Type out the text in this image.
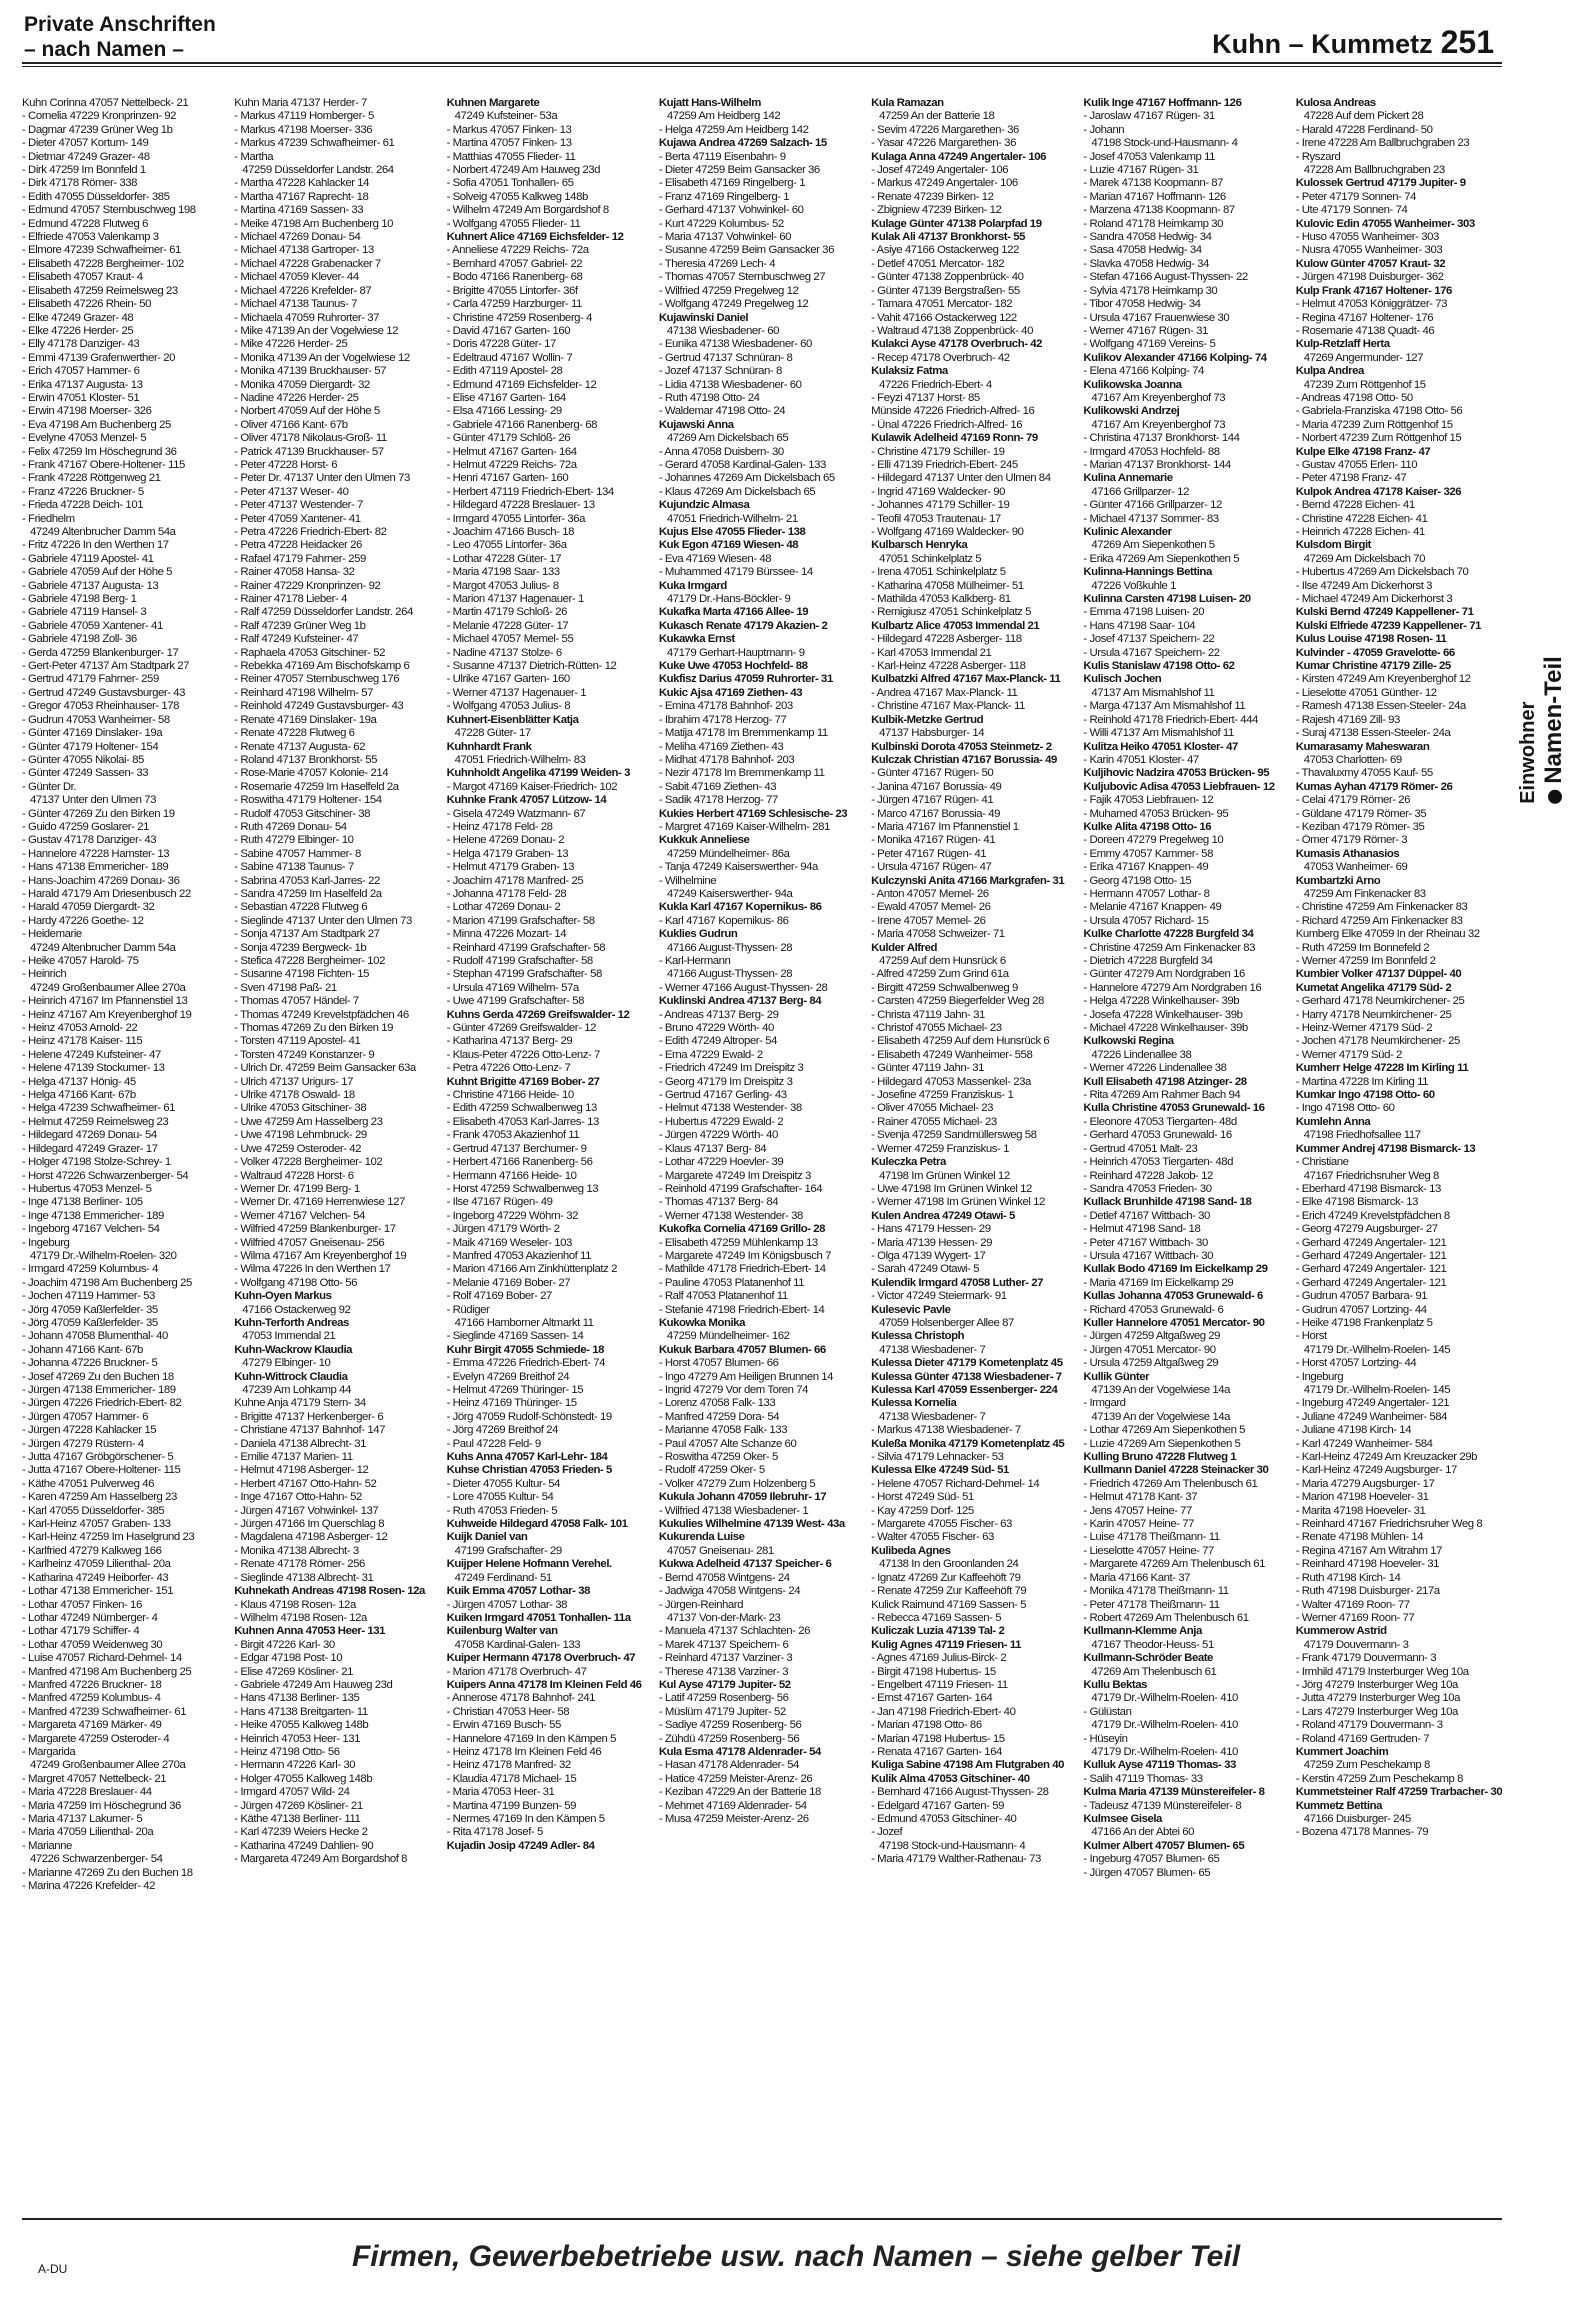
Private Anschriften
– nach Namen –	Kuhn – Kummetz 251
Kuhn Corinna 47057 Nettelbeck- 21
- Cornelia 47229 Kronprinzen- 92
- Dagmar 47239 Grüner Weg 1b
- Dieter 47057 Kortum- 149
- Dietmar 47249 Grazer- 48
- Dirk 47259 Im Bonnfeld 1
- Dirk 47178 Römer- 338
- Edith 47055 Düsseldorfer- 385
- Edmund 47057 Sternbuschweg 198
- Edmund 47228 Flutweg 6
- Elfriede 47053 Valenkamp 3
- Elmore 47239 Schwafheimer- 61
- Elisabeth 47228 Bergheimer- 102
- Elisabeth 47057 Kraut- 4
- Elisabeth 47259 Reimelsweg 23
- Elisabeth 47226 Rhein- 50
- Elke 47249 Grazer- 48
- Elke 47226 Herder- 25
- Elly 47178 Danziger- 43
- Emmi 47139 Grafenwerther- 20
- Erich 47057 Hammer- 6
- Erika 47137 Augusta- 13
- Erwin 47051 Kloster- 51
- Erwin 47198 Moerser- 326
- Eva 47198 Am Buchenberg 25
- Evelyne 47053 Menzel- 5
- Felix 47259 Im Höschegrund 36
- Frank 47167 Obere-Holtener- 115
- Frank 47228 Röttgenweg 21
- Franz 47226 Bruckner- 5
- Frieda 47228 Deich- 101
- Friedhelm
47249 Altenbrucher Damm 54a
- Fritz 47226 In den Werthen 17
- Gabriele 47119 Apostel- 41
- Gabriele 47059 Auf der Höhe 5
- Gabriele 47137 Augusta- 13
- Gabriele 47198 Berg- 1
- Gabriele 47119 Hansel- 3
- Gabriele 47059 Xantener- 41
- Gabriele 47198 Zoll- 36
- Gerda 47259 Blankenburger- 17
- Gert-Peter 47137 Am Stadtpark 27
- Gertrud 47179 Fahrner- 259
- Gertrud 47249 Gustavsburger- 43
- Gregor 47053 Rheinhauser- 178
- Gudrun 47053 Wanheimer- 58
- Günter 47169 Dinslaker- 19a
- Günter 47179 Holtener- 154
- Günter 47055 Nikolai- 85
- Günter 47249 Sassen- 33
- Günter Dr.
47137 Unter den Ulmen 73
- Günter 47269 Zu den Birken 19
- Guido 47259 Goslarer- 21
- Gustav 47178 Danziger- 43
- Hannelore 47228 Hamster- 13
- Hans 47138 Emmericher- 189
- Hans-Joachim 47269 Donau- 36
- Harald 47179 Am Driesenbusch 22
- Harald 47059 Diergardt- 32
- Hardy 47226 Goethe- 12
- Heidemarie
47249 Altenbrucher Damm 54a
- Heike 47057 Harold- 75
- Heinrich
47249 Großenbaumer Allee 270a
- Heinrich 47167 Im Pfannenstiel 13
- Heinz 47167 Am Kreyenberghof 19
- Heinz 47053 Arnold- 22
- Heinz 47178 Kaiser- 115
- Helene 47249 Kufsteiner- 47
- Helene 47139 Stockumer- 13
- Helga 47137 Hönig- 45
- Helga 47166 Kant- 67b
- Helga 47239 Schwafheimer- 61
- Helmut 47259 Reimelsweg 23
- Hildegard 47269 Donau- 54
- Hildegard 47249 Grazer- 17
- Holger 47198 Stolze-Schrey- 1
- Horst 47226 Schwarzenberger- 54
- Hubertus 47053 Menzel- 5
- Inge 47138 Berliner- 105
- Inge 47138 Emmericher- 189
- Ingeborg 47167 Velchen- 54
- Ingeburg
47179 Dr.-Wilhelm-Roelen- 320
- Irmgard 47259 Kolumbus- 4
- Joachim 47198 Am Buchenberg 25
- Jochen 47119 Hammer- 53
- Jörg 47059 Kaßlerfelder- 35
- Jörg 47059 Kaßlerfelder- 35
- Johann 47058 Blumenthal- 40
- Johann 47166 Kant- 67b
- Johanna 47226 Bruckner- 5
- Josef 47269 Zu den Buchen 18
- Jürgen 47138 Emmericher- 189
- Jürgen 47226 Friedrich-Ebert- 82
- Jürgen 47057 Hammer- 6
- Jürgen 47228 Kahlacker 15
- Jürgen 47279 Rüstern- 4
- Jutta 47167 Gröbgörschener- 5
- Jutta 47167 Obere-Holtener- 115
- Käthe 47051 Pulverweg 46
- Karen 47259 Am Hasselberg 23
- Karl 47055 Düsseldorfer- 385
- Karl-Heinz 47057 Graben- 133
- Karl-Heinz 47259 Im Haselgrund 23
- Karlfried 47279 Kalkweg 166
- Karlheinz 47059 Lilienthal- 20a
- Katharina 47249 Heiborfer- 43
- Lothar 47138 Emmericher- 151
- Lothar 47057 Finken- 16
- Lothar 47249 Nürnberger- 4
- Lothar 47179 Schiffer- 4
- Lothar 47059 Weidenweg 30
- Luise 47057 Richard-Dehmel- 14
- Manfred 47198 Am Buchenberg 25
- Manfred 47226 Bruckner- 18
- Manfred 47259 Kolumbus- 4
- Manfred 47239 Schwafheimer- 61
- Margareta 47169 Märker- 49
- Margarete 47259 Osteroder- 4
- Margarida
47249 Großenbaumer Allee 270a
- Margret 47057 Nettelbeck- 21
- Maria 47228 Breslauer- 44
- Maria 47259 Im Höschegrund 36
- Maria 47137 Lakumer- 5
- Maria 47059 Lilienthal- 20a
- Marianne
47226 Schwarzenberger- 54
- Marianne 47269 Zu den Buchen 18
- Marina 47226 Krefelder- 42
Kuhn Maria 47137 Herder- 7
- Markus 47119 Homberger- 5
- Markus 47198 Moerser- 336
- Markus 47239 Schwafheimer- 61
- Martha
47259 Düsseldorfer Landstr. 264
- Martha 47228 Kahlacker 14
- Martha 47167 Raprecht- 18
- Martina 47169 Sassen- 33
- Meike 47198 Am Buchenberg 10
- Michael 47269 Donau- 54
- Michael 47138 Gartroper- 13
- Michael 47228 Grabenacker 7
- Michael 47059 Klever- 44
- Michael 47226 Krefelder- 87
- Michael 47138 Taunus- 7
- Michaela 47059 Ruhrorter- 37
- Mike 47139 An der Vogelwiese 12
- Mike 47226 Herder- 25
- Monika 47139 An der Vogelwiese 12
- Monika 47139 Bruckhauser- 57
- Monika 47059 Diergardt- 32
- Nadine 47226 Herder- 25
- Norbert 47059 Auf der Höhe 5
- Oliver 47166 Kant- 67b
- Oliver 47178 Nikolaus-Groß- 11
- Patrick 47139 Bruckhauser- 57
- Peter 47228 Horst- 6
- Peter Dr. 47137 Unter den Ulmen 73
- Peter 47137 Weser- 40
- Peter 47137 Westender- 7
- Peter 47059 Xantener- 41
- Petra 47226 Friedrich-Ebert- 82
- Petra 47228 Heidacker 26
- Rafael 47179 Fahrner- 259
- Rainer 47058 Hansa- 32
- Rainer 47229 Kronprinzen- 92
- Rainer 47178 Lieber- 4
- Ralf 47259 Düsseldorfer Landstr. 264
- Ralf 47239 Grüner Weg 1b
- Ralf 47249 Kufsteiner- 47
- Raphaela 47053 Gitschiner- 52
- Rebekka 47169 Am Bischofskamp 6
- Reiner 47057 Sternbuschweg 176
- Reinhard 47198 Wilhelm- 57
- Reinhold 47249 Gustavsburger- 43
- Renate 47169 Dinslaker- 19a
- Renate 47228 Flutweg 6
- Renate 47137 Augusta- 62
- Roland 47137 Bronkhorst- 55
- Rose-Marie 47057 Kolonie- 214
- Rosemarie 47259 Im Haselfeld 2a
- Roswitha 47179 Holtener- 154
- Rudolf 47053 Gitschiner- 38
- Ruth 47269 Donau- 54
- Ruth 47279 Elbinger- 10
- Sabine 47057 Hammer- 8
- Sabine 47138 Taunus- 7
- Sabrina 47053 Karl-Jarres- 22
- Sandra 47259 Im Haselfeld 2a
- Sebastian 47228 Flutweg 6
- Sieglinde 47137 Unter den Ulmen 73
- Sonja 47137 Am Stadtpark 27
- Sonja 47239 Bergweck- 1b
- Stefica 47228 Bergheimer- 102
- Susanne 47198 Fichten- 15
- Sven 47198 Paß- 21
- Thomas 47057 Händel- 7
- Thomas 47249 Krevelstpfädchen 46
- Thomas 47269 Zu den Birken 19
- Torsten 47119 Apostel- 41
- Torsten 47249 Konstanzer- 9
- Ulrich Dr. 47259 Beim Gansacker 63a
- Ulrich 47137 Urigurs- 17
- Ulrike 47178 Oswald- 18
- Ulrike 47053 Gitschiner- 38
- Uwe 47259 Am Hasselberg 23
- Uwe 47198 Lehmbruck- 29
- Uwe 47259 Osteroder- 42
- Volker 47228 Bergheimer- 102
- Waltraud 47228 Horst- 6
- Werner Dr. 47199 Berg- 1
- Werner Dr. 47169 Herrenwiese 127
- Werner 47167 Velchen- 54
- Wilfried 47259 Blankenburger- 17
- Wilfried 47057 Gneisenau- 256
- Wilma 47167 Am Kreyenberghof 19
- Wilma 47226 In den Werthen 17
- Wolfgang 47198 Otto- 56
Kuhn-Oyen Markus
47166 Ostackerweg 92
Kuhn-Terforth Andreas
47053 Immendal 21
Kuhn-Wackrow Klaudia
47279 Elbinger- 10
Kuhn-Wittrock Claudia
47239 Am Lohkamp 44
Kuhne Anja 47179 Stern- 34
- Brigitte 47137 Herkenberger- 6
- Christiane 47137 Bahnhof- 147
- Daniela 47138 Albrecht- 31
- Emilie 47137 Marien- 11
- Helmut 47198 Asberger- 12
- Herbert 47167 Otto-Hahn- 52
- Inge 47167 Otto-Hahn- 52
- Jürgen 47167 Vohwinkel- 137
- Jürgen 47166 Im Querschlag 8
- Magdalena 47198 Asberger- 12
- Monika 47138 Albrecht- 3
- Renate 47178 Römer- 256
- Sieglinde 47138 Albrecht- 31
Kuhnekath Andreas 47198 Rosen- 12a
- Klaus 47198 Rosen- 12a
- Wilhelm 47198 Rosen- 12a
Kuhnen Anna 47053 Heer- 131
- Birgit 47226 Karl- 30
- Edgar 47198 Post- 10
- Elise 47269 Kösliner- 21
- Gabriele 47249 Am Hauweg 23d
- Hans 47138 Berliner- 135
- Hans 47138 Breitgarten- 11
- Heike 47055 Kalkweg 148b
- Heinrich 47053 Heer- 131
- Heinz 47198 Otto- 56
- Hermann 47226 Karl- 30
- Holger 47055 Kalkweg 148b
- Irmgard 47057 Wild- 24
- Jürgen 47269 Kösliner- 21
- Käthe 47138 Berliner- 111
- Karl 47239 Weiers Hecke 2
- Katharina 47249 Dahlien- 90
- Margareta 47249 Am Borgardshof 8
Kuhnen Margarete
47249 Kufsteiner- 53a
- Markus 47057 Finken- 13
- Martina 47057 Finken- 13
- Matthias 47055 Flieder- 11
- Norbert 47249 Am Hauweg 23d
- Sofia 47051 Tonhallen- 65
- Solveig 47055 Kalkweg 148b
- Wilhelm 47249 Am Borgardshof 8
- Wolfgang 47055 Flieder- 11
Kuhnert Alice 47169 Eichsfelder- 12
- Anneliese 47229 Reichs- 72a
- Bernhard 47057 Gabriel- 22
- Bodo 47166 Ranenberg- 68
- Brigitte 47055 Lintorfer- 36f
- Carla 47259 Harzburger- 11
- Christine 47259 Rosenberg- 4
- David 47167 Garten- 160
- Doris 47228 Güter- 17
- Edeltraud 47167 Wollin- 7
- Edith 47119 Apostel- 28
- Edmund 47169 Eichsfelder- 12
- Elise 47167 Garten- 164
- Elsa 47166 Lessing- 29
- Gabriele 47166 Ranenberg- 68
- Günter 47179 Schlöß- 26
- Helmut 47167 Garten- 164
- Helmut 47229 Reichs- 72a
- Henri 47167 Garten- 160
- Herbert 47119 Friedrich-Ebert- 134
- Hildegard 47228 Breslauer- 13
- Irmgard 47055 Lintorfer- 36a
- Joachim 47166 Busch- 18
- Leo 47055 Lintorfer- 36a
- Lothar 47228 Güter- 17
- Maria 47198 Saar- 133
- Margot 47053 Julius- 8
- Marion 47137 Hagenauer- 1
- Martin 47179 Schloß- 26
- Melanie 47228 Güter- 17
- Michael 47057 Memel- 55
- Nadine 47137 Stolze- 6
- Susanne 47137 Dietrich-Rütten- 12
- Ulrike 47167 Garten- 160
- Werner 47137 Hagenauer- 1
- Wolfgang 47053 Julius- 8
Kuhnert-Eisenblätter Katja
47228 Güter- 17
Kuhnhardt Frank
47051 Friedrich-Wilhelm- 83
Kuhnholdt Angelika 47199 Weiden- 3
- Margot 47169 Kaiser-Friedrich- 102
Kuhnke Frank 47057 Lützow- 14
- Gisela 47249 Watzmann- 67
- Heinz 47178 Feld- 28
- Helene 47269 Donau- 2
- Helga 47179 Graben- 13
- Helmut 47179 Graben- 13
- Joachim 47178 Manfred- 25
- Johanna 47178 Feld- 28
- Lothar 47269 Donau- 2
- Marion 47199 Grafschafter- 58
- Minna 47226 Mozart- 14
- Reinhard 47199 Grafschafter- 58
- Rudolf 47199 Grafschafter- 58
- Stephan 47199 Grafschafter- 58
- Ursula 47169 Wilhelm- 57a
- Uwe 47199 Grafschafter- 58
Kuhns Gerda 47269 Greifswalder- 12
- Günter 47269 Greifswalder- 12
- Katharina 47137 Berg- 29
- Klaus-Peter 47226 Otto-Lenz- 7
- Petra 47226 Otto-Lenz- 7
Kuhnt Brigitte 47169 Bober- 27
- Christine 47166 Heide- 10
- Edith 47259 Schwalbenweg 13
- Elisabeth 47053 Karl-Jarres- 13
- Frank 47053 Akazienhof 11
- Gertrud 47137 Berchumer- 9
- Herbert 47166 Ranenberg- 56
- Hermann 47166 Heide- 10
- Horst 47259 Schwalbenweg 13
- Ilse 47167 Rügen- 49
- Ingeborg 47229 Wöhrn- 32
- Jürgen 47179 Wörth- 2
- Maik 47169 Weseler- 103
- Manfred 47053 Akazienhof 11
- Marion 47166 Am Zinkhüttenplatz 2
- Melanie 47169 Bober- 27
- Rolf 47169 Bober- 27
- Rüdiger
47166 Hamborner Altmarkt 11
- Sieglinde 47169 Sassen- 14
Kuhr Birgit 47055 Schmiede- 18
- Emma 47226 Friedrich-Ebert- 74
- Evelyn 47269 Breithof 24
- Helmut 47269 Thüringer- 15
- Heinz 47169 Thüringer- 15
- Jörg 47059 Rudolf-Schönstedt- 19
- Jörg 47269 Breithof 24
- Paul 47228 Feld- 9
Kuhs Anna 47057 Karl-Lehr- 184
Kuhse Christian 47053 Frieden- 5
- Dieter 47055 Kultur- 54
- Lore 47055 Kultur- 54
- Ruth 47053 Frieden- 5
Kuhweide Hildegard 47058 Falk- 101
Kuijk Daniel van
47199 Grafschafter- 29
Kuijper Helene Hofmann Verehel.
47249 Ferdinand- 51
Kuik Emma 47057 Lothar- 38
- Jürgen 47057 Lothar- 38
Kuiken Irmgard 47051 Tonhallen- 11a
Kuilenburg Walter van
47058 Kardinal-Galen- 133
Kuiper Hermann 47178 Overbruch- 47
- Marion 47178 Overbruch- 47
Kuipers Anna 47178 Im Kleinen Feld 46
- Annerose 47178 Bahnhof- 241
- Christian 47053 Heer- 58
- Erwin 47169 Busch- 55
- Hannelore 47169 In den Kämpen 5
- Heinz 47178 Im Kleinen Feld 46
- Heinz 47178 Manfred- 32
- Klaudia 47178 Michael- 15
- Maria 47053 Heer- 31
- Martina 47199 Bunzen- 59
- Nermes 47169 In den Kämpen 5
- Rita 47178 Josef- 5
Kujadin Josip 47249 Adler- 84
Kujatt Hans-Wilhelm
47259 Am Heidberg 142
- Helga 47259 Am Heidberg 142
Kujawa Andrea 47269 Salzach- 15
- Berta 47119 Eisenbahn- 9
- Dieter 47259 Beim Gansacker 36
- Elisabeth 47169 Ringelberg- 1
- Franz 47169 Ringelberg- 1
- Gerhard 47137 Vohwinkel- 60
- Kurt 47229 Kolumbus- 52
- Maria 47137 Vohwinkel- 60
- Susanne 47259 Beim Gansacker 36
- Theresia 47269 Lech- 4
- Thomas 47057 Sternbuschweg 27
- Wilfried 47259 Pregelweg 12
- Wolfgang 47249 Pregelweg 12
Kujawinski Daniel
47138 Wiesbadener- 60
- Eunika 47138 Wiesbadener- 60
- Gertrud 47137 Schnüran- 8
- Jozef 47137 Schnüran- 8
- Lidia 47138 Wiesbadener- 60
- Ruth 47198 Otto- 24
- Waldemar 47198 Otto- 24
Kujawski Anna
47269 Am Dickelsbach 65
- Anna 47058 Duisbern- 30
- Gerard 47058 Kardinal-Galen- 133
- Johannes 47269 Am Dickelsbach 65
- Klaus 47269 Am Dickelsbach 65
Kujundzic Almasa
47051 Friedrich-Wilhelm- 21
Kujus Else 47055 Flieder- 138
Kuk Egon 47169 Wiesen- 48
- Eva 47169 Wiesen- 48
- Muhammed 47179 Bürssee- 14
Kuka Irmgard
47179 Dr.-Hans-Böckler- 9
Kukafka Marta 47166 Allee- 19
Kukasch Renate 47179 Akazien- 2
Kukawka Ernst
47179 Gerhart-Hauptmann- 9
Kuke Uwe 47053 Hochfeld- 88
Kukfisz Darius 47059 Ruhrorter- 31
Kukic Ajsa 47169 Ziethen- 43
- Emina 47178 Bahnhof- 203
- Ibrahim 47178 Herzog- 77
- Matija 47178 Im Bremmenkamp 11
- Meliha 47169 Ziethen- 43
- Midhat 47178 Bahnhof- 203
- Nezir 47178 Im Bremmenkamp 11
- Sabit 47169 Ziethen- 43
- Sadik 47178 Herzog- 77
Kukies Herbert 47169 Schlesische- 23
- Margret 47169 Kaiser-Wilhelm- 281
Kukkuk Anneliese
47259 Mündelheimer- 86a
- Tanja 47249 Kaiserswerther- 94a
- Wilhelmine
47249 Kaiserswerther- 94a
Kukla Karl 47167 Kopernikus- 86
- Karl 47167 Kopernikus- 86
Kuklies Gudrun
47166 August-Thyssen- 28
- Karl-Hermann
47166 August-Thyssen- 28
- Werner 47166 August-Thyssen- 28
Kuklinski Andrea 47137 Berg- 84
- Andreas 47137 Berg- 29
- Bruno 47229 Wörth- 40
- Edith 47249 Altroper- 54
- Erna 47229 Ewald- 2
- Friedrich 47249 Im Dreispitz 3
- Georg 47179 Im Dreispitz 3
- Gertrud 47167 Gerling- 43
- Helmut 47138 Westender- 38
- Hubertus 47229 Ewald- 2
- Jürgen 47229 Wörth- 40
- Klaus 47137 Berg- 84
- Lothar 47229 Hoevler- 39
- Margarete 47249 Im Dreispitz 3
- Reinhold 47199 Grafschafter- 164
- Thomas 47137 Berg- 84
- Werner 47138 Westender- 38
Kukofka Cornelia 47169 Grillo- 28
- Elisabeth 47259 Mühlenkamp 13
- Margarete 47249 Im Königsbusch 7
- Mathilde 47178 Friedrich-Ebert- 14
- Pauline 47053 Platanenhof 11
- Ralf 47053 Platanenhof 11
- Stefanie 47198 Friedrich-Ebert- 14
Kukowka Monika
47259 Mündelheimer- 162
Kukuk Barbara 47057 Blumen- 66
- Horst 47057 Blumen- 66
- Ingo 47279 Am Heiligen Brunnen 14
- Ingrid 47279 Vor dem Toren 74
- Lorenz 47058 Falk- 133
- Manfred 47259 Dora- 54
- Marianne 47058 Falk- 133
- Paul 47057 Alte Schanze 60
- Roswitha 47259 Oker- 5
- Rudolf 47259 Oker- 5
- Volker 47279 Zum Holzenberg 5
Kukula Johann 47059 Ilebruhr- 17
- Wilfried 47138 Wiesbadener- 1
Kukulies Wilhelmine 47139 West- 43a
Kukurenda Luise
47057 Gneisenau- 281
Kukwa Adelheid 47137 Speicher- 6
- Bernd 47058 Wintgens- 24
- Jadwiga 47058 Wintgens- 24
- Jürgen-Reinhard
47137 Von-der-Mark- 23
- Manuela 47137 Schlachten- 26
- Marek 47137 Speichern- 6
- Reinhard 47137 Varziner- 3
- Therese 47138 Varziner- 3
Kul Ayse 47179 Jupiter- 52
- Latif 47259 Rosenberg- 56
- Müslüm 47179 Jupiter- 52
- Sadiye 47259 Rosenberg- 56
- Zühdü 47259 Rosenberg- 56
Kula Esma 47178 Aldenrader- 54
- Hasan 47178 Aldenrader- 54
- Hatice 47259 Meister-Arenz- 26
- Keziban 47229 An der Batterie 18
- Mehmet 47169 Aldenrader- 54
- Musa 47259 Meister-Arenz- 26
Kula Ramazan
47259 An der Batterie 18
- Sevim 47226 Margarethen- 36
- Yasar 47226 Margarethen- 36
Kulaga Anna 47249 Angertaler- 106
- Josef 47249 Angertaler- 106
- Markus 47249 Angertaler- 106
- Renate 47239 Birken- 12
- Zbigniew 47239 Birken- 12
Kulage Günter 47138 Polarpfad 19
Kulak Ali 47137 Bronkhorst- 55
- Asiye 47166 Ostackerweg 122
- Detlef 47051 Mercator- 182
- Günter 47138 Zoppenbrück- 40
- Günter 47139 Bergstraßen- 55
- Tamara 47051 Mercator- 182
- Vahit 47166 Ostackerweg 122
- Waltraud 47138 Zoppenbrück- 40
Kulakci Ayse 47178 Overbruch- 42
- Recep 47178 Overbruch- 42
Kulaksiz Fatma
47226 Friedrich-Ebert- 4
- Feyzi 47137 Horst- 85
Münside 47226 Friedrich-Alfred- 16
- Ünal 47226 Friedrich-Alfred- 16
Kulawik Adelheid 47169 Ronn- 79
- Christine 47179 Schiller- 19
- Elli 47139 Friedrich-Ebert- 245
- Hildegard 47137 Unter den Ulmen 84
- Ingrid 47169 Waldecker- 90
- Johannes 47179 Schiller- 19
- Teofil 47053 Trautenau- 17
- Wolfgang 47169 Waldecker- 90
Kulbarsch Henryka
47051 Schinkelplatz 5
- Irena 47051 Schinkelplatz 5
- Katharina 47058 Mülheimer- 51
- Mathilda 47053 Kalkberg- 81
- Remigiusz 47051 Schinkelplatz 5
Kulbartz Alice 47053 Immendal 21
- Hildegard 47228 Asberger- 118
- Karl 47053 Immendal 21
- Karl-Heinz 47228 Asberger- 118
Kulbatzki Alfred 47167 Max-Planck- 11
- Andrea 47167 Max-Planck- 11
- Christine 47167 Max-Planck- 11
Kulbik-Metzke Gertrud
47137 Habsburger- 14
Kulbinski Dorota 47053 Steinmetz- 2
Kulczak Christian 47167 Borussia- 49
- Günter 47167 Rügen- 50
- Janina 47167 Borussia- 49
- Jürgen 47167 Rügen- 41
- Marco 47167 Borussia- 49
- Maria 47167 Im Pfannenstiel 1
- Monika 47167 Rügen- 41
- Peter 47167 Rügen- 41
- Ursula 47167 Rügen- 47
Kulczynski Anita 47166 Markgrafen- 31
- Anton 47057 Memel- 26
- Ewald 47057 Memel- 26
- Irene 47057 Memel- 26
- Maria 47058 Schweizer- 71
Kulder Alfred
47259 Auf dem Hunsrück 6
- Alfred 47259 Zum Grind 61a
- Birgitt 47259 Schwalbenweg 9
- Carsten 47259 Biegerfelder Weg 28
- Christa 47119 Jahn- 31
- Christof 47055 Michael- 23
- Elisabeth 47259 Auf dem Hunsrück 6
- Elisabeth 47249 Wanheimer- 558
- Günter 47119 Jahn- 31
- Hildegard 47053 Massenkel- 23a
- Josefine 47259 Franziskus- 1
- Oliver 47055 Michael- 23
- Rainer 47055 Michael- 23
- Svenja 47259 Sandmüllersweg 58
- Werner 47259 Franziskus- 1
Kuleczka Petra
47198 Im Grünen Winkel 12
- Uwe 47198 Im Grünen Winkel 12
- Werner 47198 Im Grünen Winkel 12
Kulen Andrea 47249 Otawi- 5
- Hans 47179 Hessen- 29
- Maria 47139 Hessen- 29
- Olga 47139 Wygert- 17
- Sarah 47249 Otawi- 5
Kulendik Irmgard 47058 Luther- 27
- Victor 47249 Steiermark- 91
Kulesevic Pavle
47059 Holsenberger Allee 87
Kulessa Christoph
47138 Wiesbadener- 7
Kulessa Dieter 47179 Kometenplatz 45
Kulessa Günter 47138 Wiesbadener- 7
Kulessa Karl 47059 Essenberger- 224
Kulessa Kornelia
47138 Wiesbadener- 7
- Markus 47138 Wiesbadener- 7
Kuleßa Monika 47179 Kometenplatz 45
- Silvia 47179 Lehnacker- 53
Kulessa Elke 47249 Süd- 51
- Helene 47057 Richard-Dehmel- 14
- Horst 47249 Süd- 51
- Kay 47259 Dorf- 125
- Margarete 47055 Fischer- 63
- Walter 47055 Fischer- 63
Kulibeda Agnes
47138 In den Groonlanden 24
- Ignatz 47269 Zur Kaffeehöft 79
- Renate 47259 Zur Kaffeehöft 79
Kulick Raimund 47169 Sassen- 5
- Rebecca 47169 Sassen- 5
Kuliczak Luzia 47139 Tal- 2
Kulig Agnes 47119 Friesen- 11
- Agnes 47169 Julius-Birck- 2
- Birgit 47198 Hubertus- 15
- Engelbert 47119 Friesen- 11
- Ernst 47167 Garten- 164
- Jan 47198 Friedrich-Ebert- 40
- Marian 47198 Otto- 86
- Marian 47198 Hubertus- 15
- Renata 47167 Garten- 164
Kuliga Sabine 47198 Am Flutgraben 40
Kulik Alma 47053 Gitschiner- 40
- Bernhard 47166 August-Thyssen- 28
- Edelgard 47167 Garten- 59
- Edmund 47053 Gitschiner- 40
- Jozef
47198 Stock-und-Hausmann- 4
- Maria 47179 Walther-Rathenau- 73
Kulik Inge 47167 Hoffmann- 126
- Jaroslaw 47167 Rügen- 31
- Johann
47198 Stock-und-Hausmann- 4
- Josef 47053 Valenkamp 11
- Luzie 47167 Rügen- 31
- Marek 47138 Koopmann- 87
- Marian 47167 Hoffmann- 126
- Marzena 47138 Koopmann- 87
- Roland 47178 Heimkamp 30
- Sandra 47058 Hedwig- 34
- Sasa 47058 Hedwig- 34
- Slavka 47058 Hedwig- 34
- Stefan 47166 August-Thyssen- 22
- Sylvia 47178 Heimkamp 30
- Tibor 47058 Hedwig- 34
- Ursula 47167 Frauenwiese 30
- Werner 47167 Rügen- 31
- Wolfgang 47169 Vereins- 5
Kulikov Alexander 47166 Kolping- 74
- Elena 47166 Kolping- 74
Kulikowska Joanna
47167 Am Kreyenberghof 73
Kulikowski Andrzej
47167 Am Kreyenberghof 73
- Christina 47137 Bronkhorst- 144
- Irmgard 47053 Hochfeld- 88
- Marian 47137 Bronkhorst- 144
Kulina Annemarie
47166 Grillparzer- 12
- Günter 47166 Grillparzer- 12
- Michael 47137 Sommer- 83
Kulinic Alexander
47269 Am Siepenkothen 5
- Erika 47269 Am Siepenkothen 5
Kulinna-Hannings Bettina
47226 Voßkuhle 1
Kulinna Carsten 47198 Luisen- 20
- Emma 47198 Luisen- 20
- Hans 47198 Saar- 104
- Josef 47137 Speichern- 22
- Ursula 47167 Speichern- 22
Kulis Stanislaw 47198 Otto- 62
Kulisch Jochen
47137 Am Mismahlshof 11
- Marga 47137 Am Mismahlshof 11
- Reinhold 47178 Friedrich-Ebert- 444
- Willi 47137 Am Mismahlshof 11
Kulitza Heiko 47051 Kloster- 47
- Karin 47051 Kloster- 47
Kuljihovic Nadzira 47053 Brücken- 95
Kuljubovic Adisa 47053 Liebfrauen- 12
- Fajik 47053 Liebfrauen- 12
- Muhamed 47053 Brücken- 95
Kulke Alita 47198 Otto- 16
- Doreen 47279 Pregelweg 10
- Emmy 47057 Kammer- 58
- Erika 47167 Knappen- 49
- Georg 47198 Otto- 15
- Hermann 47057 Lothar- 8
- Melanie 47167 Knappen- 49
- Ursula 47057 Richard- 15
Kulke Charlotte 47228 Burgfeld 34
- Christine 47259 Am Finkenacker 83
- Dietrich 47228 Burgfeld 34
- Günter 47279 Am Nordgraben 16
- Hannelore 47279 Am Nordgraben 16
- Helga 47228 Winkelhauser- 39b
- Josefa 47228 Winkelhauser- 39b
- Michael 47228 Winkelhauser- 39b
Kulkowski Regina
47226 Lindenallee 38
- Werner 47226 Lindenallee 38
Kull Elisabeth 47198 Atzinger- 28
- Rita 47269 Am Rahmer Bach 94
Kulla Christine 47053 Grunewald- 16
- Eleonore 47053 Tiergarten- 48d
- Gerhard 47053 Grunewald- 16
- Gertrud 47051 Malt- 23
- Heinrich 47053 Tiergarten- 48d
- Reinhard 47228 Jakob- 12
- Sandra 47053 Frieden- 30
Kullack Brunhilde 47198 Sand- 18
- Detlef 47167 Wittbach- 30
- Helmut 47198 Sand- 18
- Peter 47167 Wittbach- 30
- Ursula 47167 Wittbach- 30
Kullak Bodo 47169 Im Eickelkamp 29
- Maria 47169 Im Eickelkamp 29
Kullas Johanna 47053 Grunewald- 6
- Richard 47053 Grunewald- 6
Kuller Hannelore 47051 Mercator- 90
- Jürgen 47259 Altgaßweg 29
- Jürgen 47051 Mercator- 90
- Ursula 47259 Altgaßweg 29
Kullik Günter
47139 An der Vogelwiese 14a
- Irmgard
47139 An der Vogelwiese 14a
- Lothar 47269 Am Siepenkothen 5
- Luzie 47269 Am Siepenkothen 5
Kulling Bruno 47228 Flutweg 1
Kullmann Daniel 47228 Steinacker 30
- Friedrich 47269 Am Thelenbusch 61
- Helmut 47178 Kant- 37
- Jens 47057 Heine- 77
- Karin 47057 Heine- 77
- Luise 47178 Theißmann- 11
- Lieselotte 47057 Heine- 77
- Margarete 47269 Am Thelenbusch 61
- Maria 47166 Kant- 37
- Monika 47178 Theißmann- 11
- Peter 47178 Theißmann- 11
- Robert 47269 Am Thelenbusch 61
Kullmann-Klemme Anja
47167 Theodor-Heuss- 51
Kullmann-Schröder Beate
47269 Am Thelenbusch 61
Kullu Bektas
47179 Dr.-Wilhelm-Roelen- 410
- Gülüstan
47179 Dr.-Wilhelm-Roelen- 410
- Hüseyin
47179 Dr.-Wilhelm-Roelen- 410
Kulluk Ayse 47119 Thomas- 33
- Salih 47119 Thomas- 33
Kulma Maria 47139 Münstereifeler- 8
- Tadeusz 47139 Münstereifeler- 8
Kulmsee Gisela
47166 An der Abtei 60
Kulmer Albert 47057 Blumen- 65
- Ingeburg 47057 Blumen- 65
- Jürgen 47057 Blumen- 65
Kulosa Andreas
47228 Auf dem Pickert 28
- Harald 47228 Ferdinand- 50
- Irene 47228 Am Ballbruchgraben 23
- Ryszard
47228 Am Ballbruchgraben 23
Kulossek Gertrud 47179 Jupiter- 9
- Peter 47179 Sonnen- 74
- Ute 47179 Sonnen- 74
Kulovic Edin 47055 Wanheimer- 303
- Huso 47055 Wanheimer- 303
- Nusra 47055 Wanheimer- 303
Kulow Günter 47057 Kraut- 32
- Jürgen 47198 Duisburger- 362
Kulp Frank 47167 Holtener- 176
- Helmut 47053 Königgrätzer- 73
- Regina 47167 Holtener- 176
- Rosemarie 47138 Quadt- 46
Kulp-Retzlaff Herta
47269 Angermunder- 127
Kulpa Andrea
47239 Zum Röttgenhof 15
- Andreas 47198 Otto- 50
- Gabriela-Franziska 47198 Otto- 56
- Maria 47239 Zum Röttgenhof 15
- Norbert 47239 Zum Röttgenhof 15
Kulpe Elke 47198 Franz- 47
- Gustav 47055 Erlen- 110
- Peter 47198 Franz- 47
Kulpok Andrea 47178 Kaiser- 326
- Bernd 47228 Eichen- 41
- Christine 47228 Eichen- 41
- Heinrich 47228 Eichen- 41
Kulsdom Birgit
47269 Am Dickelsbach 70
- Hubertus 47269 Am Dickelsbach 70
- Ilse 47249 Am Dickerhorst 3
- Michael 47249 Am Dickerhorst 3
Kulski Bernd 47249 Kappellener- 71
Kulski Elfriede 47239 Kappellener- 71
Kulus Louise 47198 Rosen- 11
Kulvinder - 47059 Gravelotte- 66
Kumar Christine 47179 Zille- 25
- Kirsten 47249 Am Kreyenberghof 12
- Lieselotte 47051 Günther- 12
- Ramesh 47138 Essen-Steeler- 24a
- Rajesh 47169 Zill- 93
- Suraj 47138 Essen-Steeler- 24a
Kumarasamy Maheswaran
47053 Charlotten- 69
- Thavaluxmy 47055 Kauf- 55
Kumas Ayhan 47179 Römer- 26
- Celai 47179 Römer- 26
- Güldane 47179 Römer- 35
- Keziban 47179 Römer- 35
- Ömer 47179 Römer- 3
Kumasis Athanasios
47053 Wanheimer- 69
Kumbartzki Arno
47259 Am Finkenacker 83
- Christine 47259 Am Finkenacker 83
- Richard 47259 Am Finkenacker 83
Kumberg Elke 47059 In der Rheinau 32
- Ruth 47259 Im Bonnefeld 2
- Werner 47259 Im Bonnfeld 2
Kumbier Volker 47137 Düppel- 40
Kumetat Angelika 47179 Süd- 2
- Gerhard 47178 Neumkirchener- 25
- Harry 47178 Neumkirchener- 25
- Heinz-Werner 47179 Süd- 2
- Jochen 47178 Neumkirchener- 25
- Werner 47179 Süd- 2
Kumherr Helge 47228 Im Kirling 11
- Martina 47228 Im Kirling 11
Kumkar Ingo 47198 Otto- 60
- Ingo 47198 Otto- 60
Kumlehn Anna
47198 Friedhofsallee 117
Kummer Andrej 47198 Bismarck- 13
- Christiane
47167 Friedrichsruher Weg 8
- Eberhard 47198 Bismarck- 13
- Elke 47198 Bismarck- 13
- Erich 47249 Krevelstpfädchen 8
- Georg 47279 Augsburger- 27
- Gerhard 47249 Angertaler- 121
- Gerhard 47249 Angertaler- 121
- Gerhard 47249 Angertaler- 121
- Gerhard 47249 Angertaler- 121
- Gudrun 47057 Barbara- 91
- Gudrun 47057 Lortzing- 44
- Heike 47198 Frankenplatz 5
- Horst
47179 Dr.-Wilhelm-Roelen- 145
- Horst 47057 Lortzing- 44
- Ingeburg
47179 Dr.-Wilhelm-Roelen- 145
- Ingeburg 47249 Angertaler- 121
- Juliane 47249 Wanheimer- 584
- Juliane 47198 Kirch- 14
- Karl 47249 Wanheimer- 584
- Karl-Heinz 47249 Am Kreuzacker 29b
- Karl-Heinz 47249 Augsburger- 17
- Maria 47279 Augsburger- 17
- Marion 47198 Hoeveler- 31
- Marita 47198 Hoeveler- 31
- Reinhard 47167 Friedrichsruher Weg 8
- Renate 47198 Mühlen- 14
- Regina 47167 Am Witrahm 17
- Reinhard 47198 Hoeveler- 31
- Ruth 47198 Kirch- 14
- Ruth 47198 Duisburger- 217a
- Walter 47169 Roon- 77
- Werner 47169 Roon- 77
Kummerow Astrid
47179 Douvermann- 3
- Frank 47179 Douvermann- 3
- Irmhild 47179 Insterburger Weg 10a
- Jörg 47279 Insterburger Weg 10a
- Jutta 47279 Insterburger Weg 10a
- Lars 47279 Insterburger Weg 10a
- Roland 47179 Douvermann- 3
- Roland 47169 Gertruden- 7
Kummert Joachim
47259 Zum Peschekamp 8
- Kerstin 47259 Zum Peschekamp 8
Kummetsteiner Ralf 47259 Trarbacher- 30
Kummetz Bettina
47166 Duisburger- 245
- Bozena 47178 Mannes- 79
Einwohner Namen-Teil
Firmen, Gewerbebetriebe usw. nach Namen – siehe gelber Teil
A-DU
